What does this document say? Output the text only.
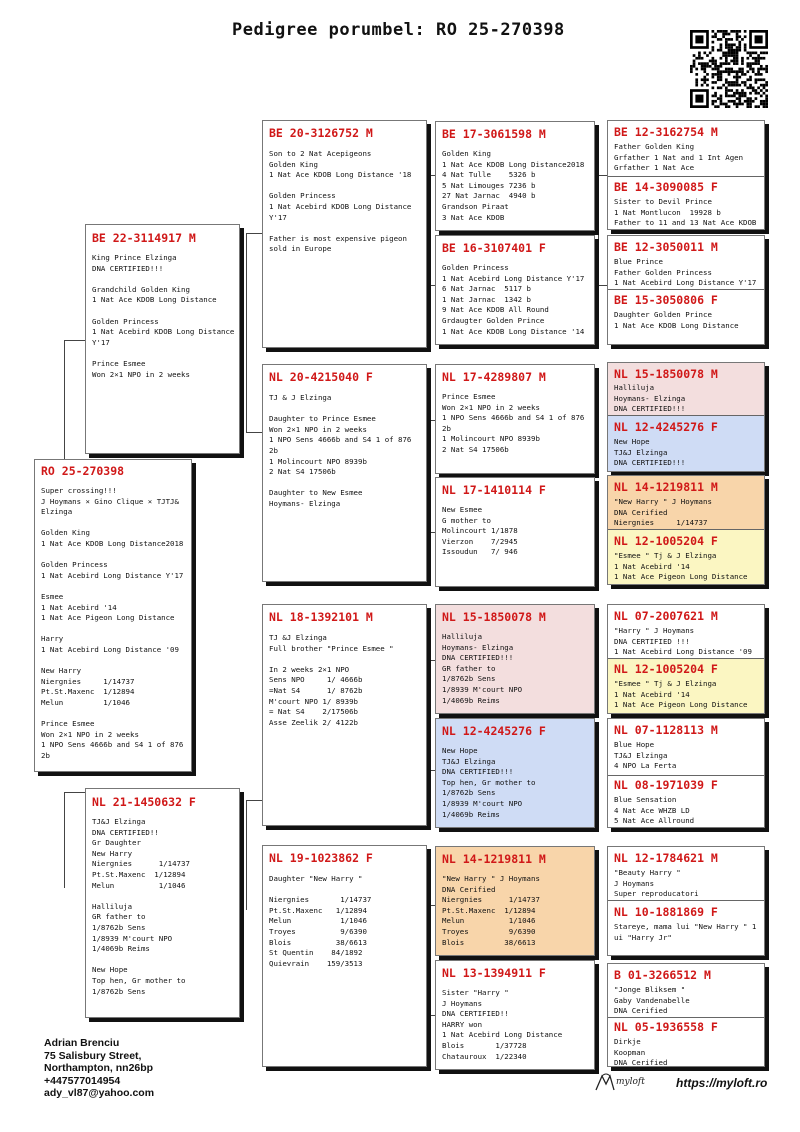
Pedigree porumbel: RO 25-270398
RO 25-270398
Super crossing!!!
J Hoymans × Gino Clique × TJTJ&
Elzinga

Golden King
1 Nat Ace KDOB Long Distance2018

Golden Princess
1 Nat Acebird Long Distance Y'17

Esmee
1 Nat Acebird '14
1 Nat Ace Pigeon Long Distance

Harry
1 Nat Acebird Long Distance '09

New Harry
Niergnies     1/14737
Pt.St.Maxenc  1/12894
Melun         1/1046

Prince Esmee
Won 2×1 NPO in 2 weeks
1 NPO Sens 4666b and S4 1 of 876
2b
BE 22-3114917 M
King Prince Elzinga
DNA CERTIFIED!!!

Grandchild Golden King
1 Nat Ace KDOB Long Distance

Golden Princess
1 Nat Acebird KDOB Long Distance
Y'17

Prince Esmee
Won 2×1 NPO in 2 weeks
NL 21-1450632 F
TJ&J Elzinga
DNA CERTIFIED!!
Gr Daughter
New Harry
Niergnies      1/14737
Pt.St.Maxenc  1/12894
Melun          1/1046

Halliluja
GR father to
1/8762b Sens
1/8939 M'court NPO
1/4069b Reims

New Hope
Top hen, Gr mother to
1/8762b Sens
BE 20-3126752 M
Son to 2 Nat Acepigeons
Golden King
1 Nat Ace KDOB Long Distance '18

Golden Princess
1 Nat Acebird KDOB Long Distance
Y'17

Father is most expensive pigeon
sold in Europe
NL 20-4215040 F
TJ & J Elzinga

Daughter to Prince Esmee
Won 2×1 NPO in 2 weeks
1 NPO Sens 4666b and S4 1 of 876
2b
1 Molincourt NPO 8939b
2 Nat S4 17506b

Daughter to New Esmee
Hoymans- Elzinga
NL 18-1392101 M
TJ &J Elzinga
Full brother "Prince Esmee "

In 2 weeks 2×1 NPO
Sens NPO     1/ 4666b
=Nat S4      1/ 8762b
M'court NPO 1/ 8939b
= Nat S4    2/17506b
Asse Zeelik 2/ 4122b
NL 19-1023862 F
Daughter "New Harry "

Niergnies       1/14737
Pt.St.Maxenc   1/12894
Melun           1/1046
Troyes          9/6390
Blois          38/6613
St Quentin    84/1892
Quievrain    159/3513
BE 17-3061598 M
Golden King
1 Nat Ace KDOB Long Distance2018
4 Nat Tulle    5326 b
5 Nat Limouges 7236 b
27 Nat Jarnac  4940 b
Grandson Piraat
3 Nat Ace KDOB
BE 16-3107401 F
Golden Princess
1 Nat Acebird Long Distance Y'17
6 Nat Jarnac  5117 b
1 Nat Jarnac  1342 b
9 Nat Ace KDOB All Round
Grdaugter Golden Prince
1 Nat Ace KDOB Long Distance '14
NL 17-4289807 M
Prince Esmee
Won 2×1 NPO in 2 weeks
1 NPO Sens 4666b and S4 1 of 876
2b
1 Molincourt NPO 8939b
2 Nat S4 17506b
NL 17-1410114 F
New Esmee
G mother to
Molincourt 1/1878
Vierzon    7/2945
Issoudun   7/ 946
NL 15-1850078 M
Halliluja
Hoymans- Elzinga
DNA CERTIFIED!!!
GR father to
1/8762b Sens
1/8939 M'court NPO
1/4069b Reims
NL 12-4245276 F
New Hope
TJ&J Elzinga
DNA CERTIFIED!!!
Top hen, Gr mother to
1/8762b Sens
1/8939 M'court NPO
1/4069b Reims
NL 14-1219811 M
"New Harry " J Hoymans
DNA Cerified
Niergnies      1/14737
Pt.St.Maxenc  1/12894
Melun          1/1046
Troyes         9/6390
Blois         38/6613
NL 13-1394911 F
Sister "Harry "
J Hoymans
DNA CERTIFIED!!
HARRY won
1 Nat Acebird Long Distance
Blois       1/37728
Chatauroux  1/22340
BE 12-3162754 M
Father Golden King
Grfather 1 Nat and 1 Int Agen
Grfather 1 Nat Ace
BE 14-3090085 F
Sister to Devil Prince
1 Nat Montlucon  19928 b
Father to 11 and 13 Nat Ace KDOB
BE 12-3050011 M
Blue Prince
Father Golden Princess
1 Nat Acebird Long Distance Y'17
BE 15-3050806 F
Daughter Golden Prince
1 Nat Ace KDOB Long Distance
NL 15-1850078 M
Halliluja
Hoymans- Elzinga
DNA CERTIFIED!!!
NL 12-4245276 F
New Hope
TJ&J Elzinga
DNA CERTIFIED!!!
NL 14-1219811 M
"New Harry " J Hoymans
DNA Cerified
Niergnies     1/14737
NL 12-1005204 F
"Esmee " Tj & J Elzinga
1 Nat Acebird '14
1 Nat Ace Pigeon Long Distance
NL 07-2007621 M
"Harry " J Hoymans
DNA CERTIFIED !!!
1 Nat Acebird Long Distance '09
NL 12-1005204 F
"Esmee " Tj & J Elzinga
1 Nat Acebird '14
1 Nat Ace Pigeon Long Distance
NL 07-1128113 M
Blue Hope
TJ&J Elzinga
4 NPO La Ferta
NL 08-1971039 F
Blue Sensation
4 Nat Ace WHZB LD
5 Nat Ace Allround
NL 12-1784621 M
"Beauty Harry "
J Hoymans
Super reproducatori
NL 10-1881869 F
Stareye, mama lui "New Harry " 1
ui "Harry Jr"
B 01-3266512 M
"Jonge Bliksem "
Gaby Vandenabelle
DNA Cerified
NL 05-1936558 F
Dirkje
Koopman
DNA Cerified
Adrian Brenciu
75 Salisbury Street,
Northampton, nn26bp
+447577014954
ady_vl87@yahoo.com
myloft	https://myloft.ro
